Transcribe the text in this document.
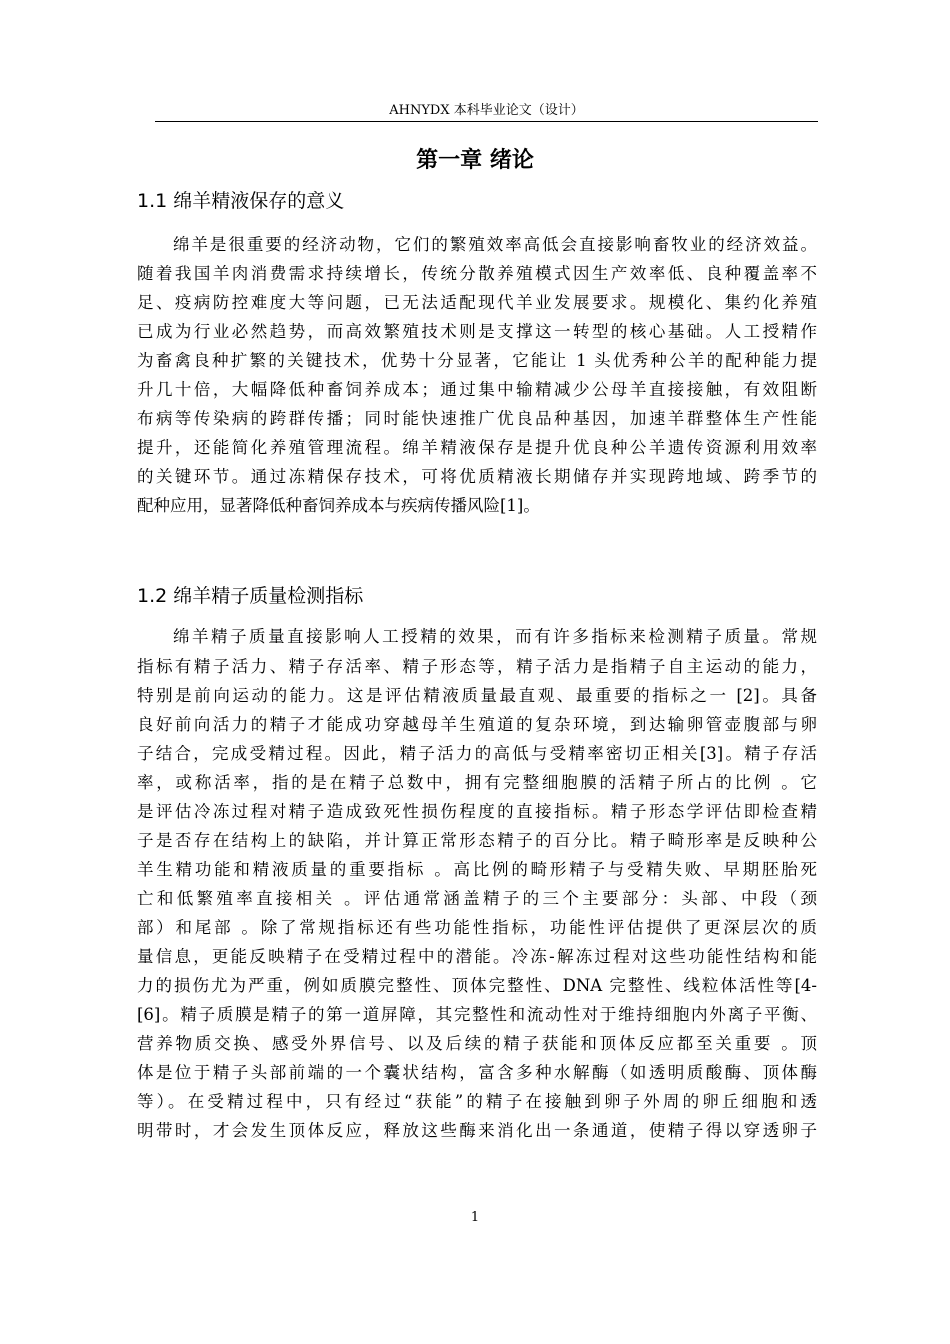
AHNYDX 本科毕业论文（设计）
第一章 绪论
1.1 绵羊精液保存的意义
绵羊是很重要的经济动物，它们的繁殖效率高低会直接影响畜牧业的经济效益。
随着我国羊肉消费需求持续增长，传统分散养殖模式因生产效率低、良种覆盖率不
足、疫病防控难度大等问题，已无法适配现代羊业发展要求。规模化、集约化养殖
已成为行业必然趋势，而高效繁殖技术则是支撑这一转型的核心基础。人工授精作
为畜禽良种扩繁的关键技术，优势十分显著，它能让 1 头优秀种公羊的配种能力提
升几十倍，大幅降低种畜饲养成本；通过集中输精减少公母羊直接接触，有效阻断
布病等传染病的跨群传播；同时能快速推广优良品种基因，加速羊群整体生产性能
提升，还能简化养殖管理流程。绵羊精液保存是提升优良种公羊遗传资源利用效率
的关键环节。通过冻精保存技术，可将优质精液长期储存并实现跨地域、跨季节的
配种应用，显著降低种畜饲养成本与疾病传播风险[1]。
1.2 绵羊精子质量检测指标
绵羊精子质量直接影响人工授精的效果，而有许多指标来检测精子质量。常规
指标有精子活力、精子存活率、精子形态等，精子活力是指精子自主运动的能力，
特别是前向运动的能力。这是评估精液质量最直观、最重要的指标之一 [2]。具备
良好前向活力的精子才能成功穿越母羊生殖道的复杂环境，到达输卵管壶腹部与卵
子结合，完成受精过程。因此，精子活力的高低与受精率密切正相关[3]。精子存活
率，或称活率，指的是在精子总数中，拥有完整细胞膜的活精子所占的比例 。它
是评估冷冻过程对精子造成致死性损伤程度的直接指标。精子形态学评估即检查精
子是否存在结构上的缺陷，并计算正常形态精子的百分比。精子畸形率是反映种公
羊生精功能和精液质量的重要指标 。高比例的畸形精子与受精失败、早期胚胎死
亡和低繁殖率直接相关 。评估通常涵盖精子的三个主要部分：头部、中段（颈
部）和尾部 。除了常规指标还有些功能性指标，功能性评估提供了更深层次的质
量信息，更能反映精子在受精过程中的潜能。冷冻-解冻过程对这些功能性结构和能
力的损伤尤为严重，例如质膜完整性、顶体完整性、DNA 完整性、线粒体活性等[4-
[6]。精子质膜是精子的第一道屏障，其完整性和流动性对于维持细胞内外离子平衡、
营养物质交换、感受外界信号、以及后续的精子获能和顶体反应都至关重要 。顶
体是位于精子头部前端的一个囊状结构，富含多种水解酶（如透明质酸酶、顶体酶
等）。在受精过程中，只有经过“获能”的精子在接触到卵子外周的卵丘细胞和透
明带时，才会发生顶体反应，释放这些酶来消化出一条通道，使精子得以穿透卵子
1
